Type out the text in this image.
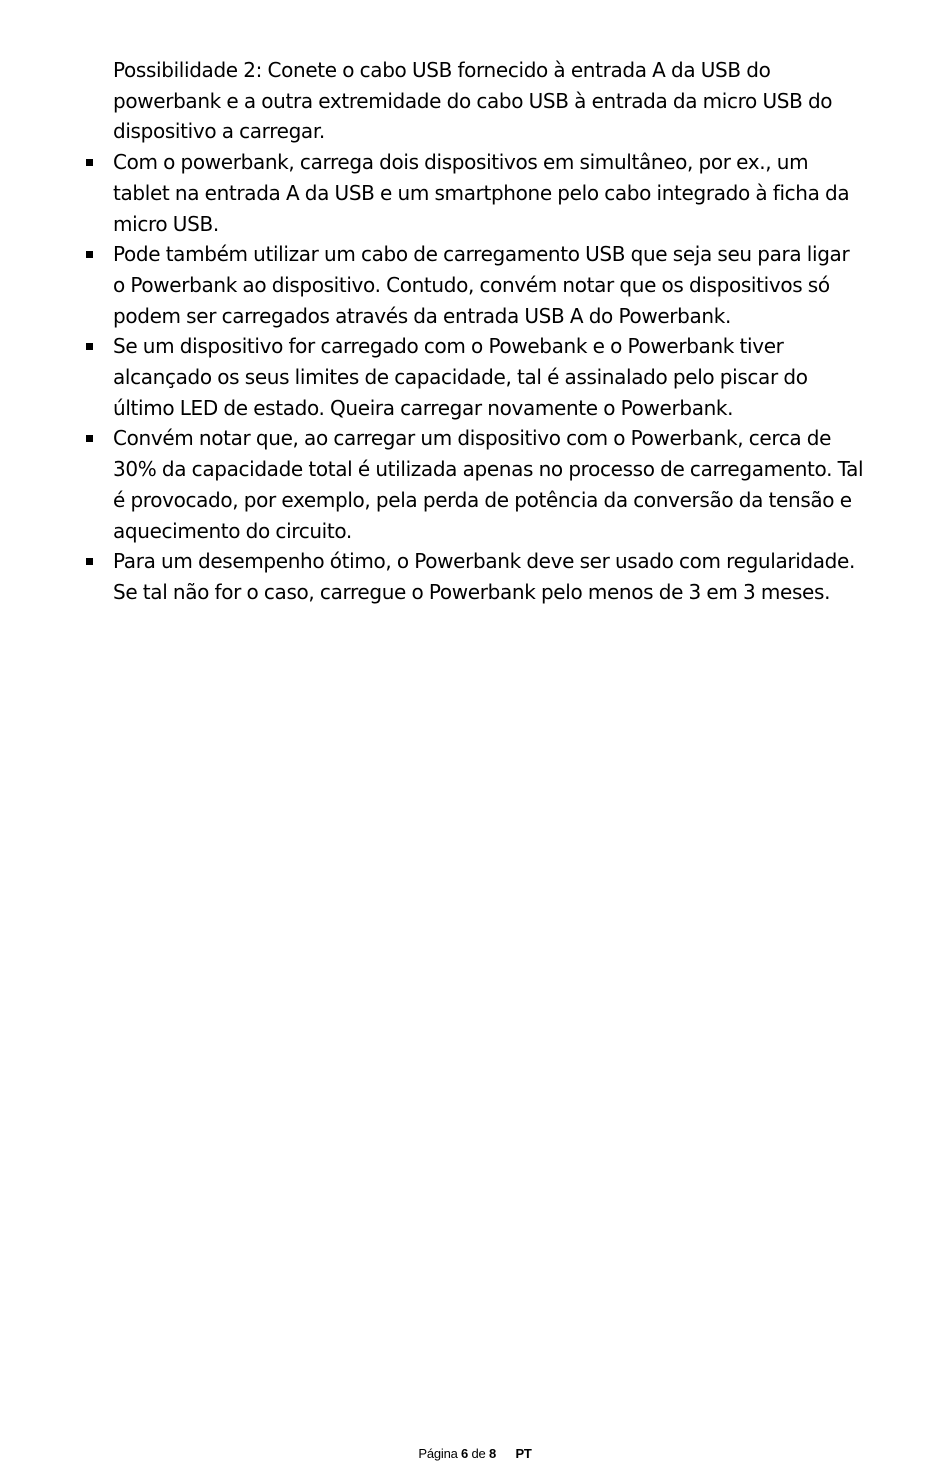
Possibilidade 2: Conete o cabo USB fornecido à entrada A da USB do powerbank e a outra extremidade do cabo USB à entrada da micro USB do dispositivo a carregar.

Com o powerbank, carrega dois dispositivos em simultâneo, por ex., um tablet na entrada A da USB e um smartphone pelo cabo integrado à ficha da micro USB.
Pode também utilizar um cabo de carregamento USB que seja seu para ligar o Powerbank ao dispositivo. Contudo, convém notar que os dispositivos só podem ser carregados através da entrada USB A do Powerbank.
Se um dispositivo for carregado com o Powebank e o Powerbank tiver alcançado os seus limites de capacidade, tal é assinalado pelo piscar do último LED de estado. Queira carregar novamente o Powerbank.
Convém notar que, ao carregar um dispositivo com o Powerbank, cerca de 30% da capacidade total é utilizada apenas no processo de carregamento. Tal é provocado, por exemplo, pela perda de potência da conversão da tensão e aquecimento do circuito.
Para um desempenho ótimo, o Powerbank deve ser usado com regularidade. Se tal não for o caso, carregue o Powerbank pelo menos de 3 em 3 meses.
Página 6 de 8 PT
